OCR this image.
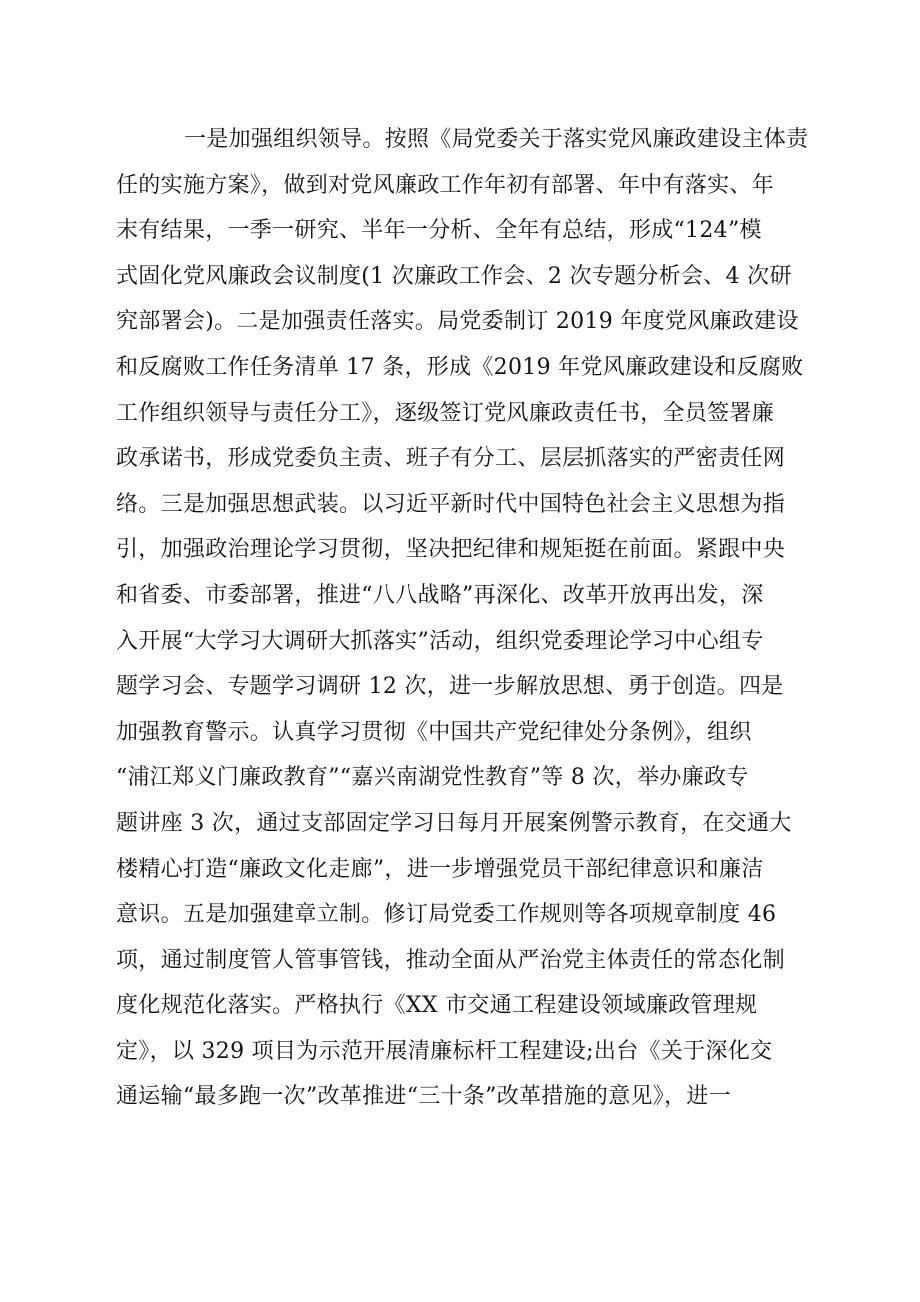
一是加强组织领导。按照《局党委关于落实党风廉政建设主体责
任的实施方案》，做到对党风廉政工作年初有部署、年中有落实、年
末有结果，一季一研究、半年一分析、全年有总结，形成“124”模
式固化党风廉政会议制度(1 次廉政工作会、2 次专题分析会、4 次研
究部署会)。二是加强责任落实。局党委制订 2019 年度党风廉政建设
和反腐败工作任务清单 17 条，形成《2019 年党风廉政建设和反腐败
工作组织领导与责任分工》，逐级签订党风廉政责任书，全员签署廉
政承诺书，形成党委负主责、班子有分工、层层抓落实的严密责任网
络。三是加强思想武装。以习近平新时代中国特色社会主义思想为指
引，加强政治理论学习贯彻，坚决把纪律和规矩挺在前面。紧跟中央
和省委、市委部署，推进“八八战略”再深化、改革开放再出发，深
入开展“大学习大调研大抓落实”活动，组织党委理论学习中心组专
题学习会、专题学习调研 12 次，进一步解放思想、勇于创造。四是
加强教育警示。认真学习贯彻《中国共产党纪律处分条例》，组织
“浦江郑义门廉政教育”“嘉兴南湖党性教育”等 8 次，举办廉政专
题讲座 3 次，通过支部固定学习日每月开展案例警示教育，在交通大
楼精心打造“廉政文化走廊”，进一步增强党员干部纪律意识和廉洁
意识。五是加强建章立制。修订局党委工作规则等各项规章制度 46
项，通过制度管人管事管钱，推动全面从严治党主体责任的常态化制
度化规范化落实。严格执行《XX 市交通工程建设领域廉政管理规
定》，以 329 项目为示范开展清廉标杆工程建设;出台《关于深化交
通运输“最多跑一次”改革推进“三十条”改革措施的意见》，进一
